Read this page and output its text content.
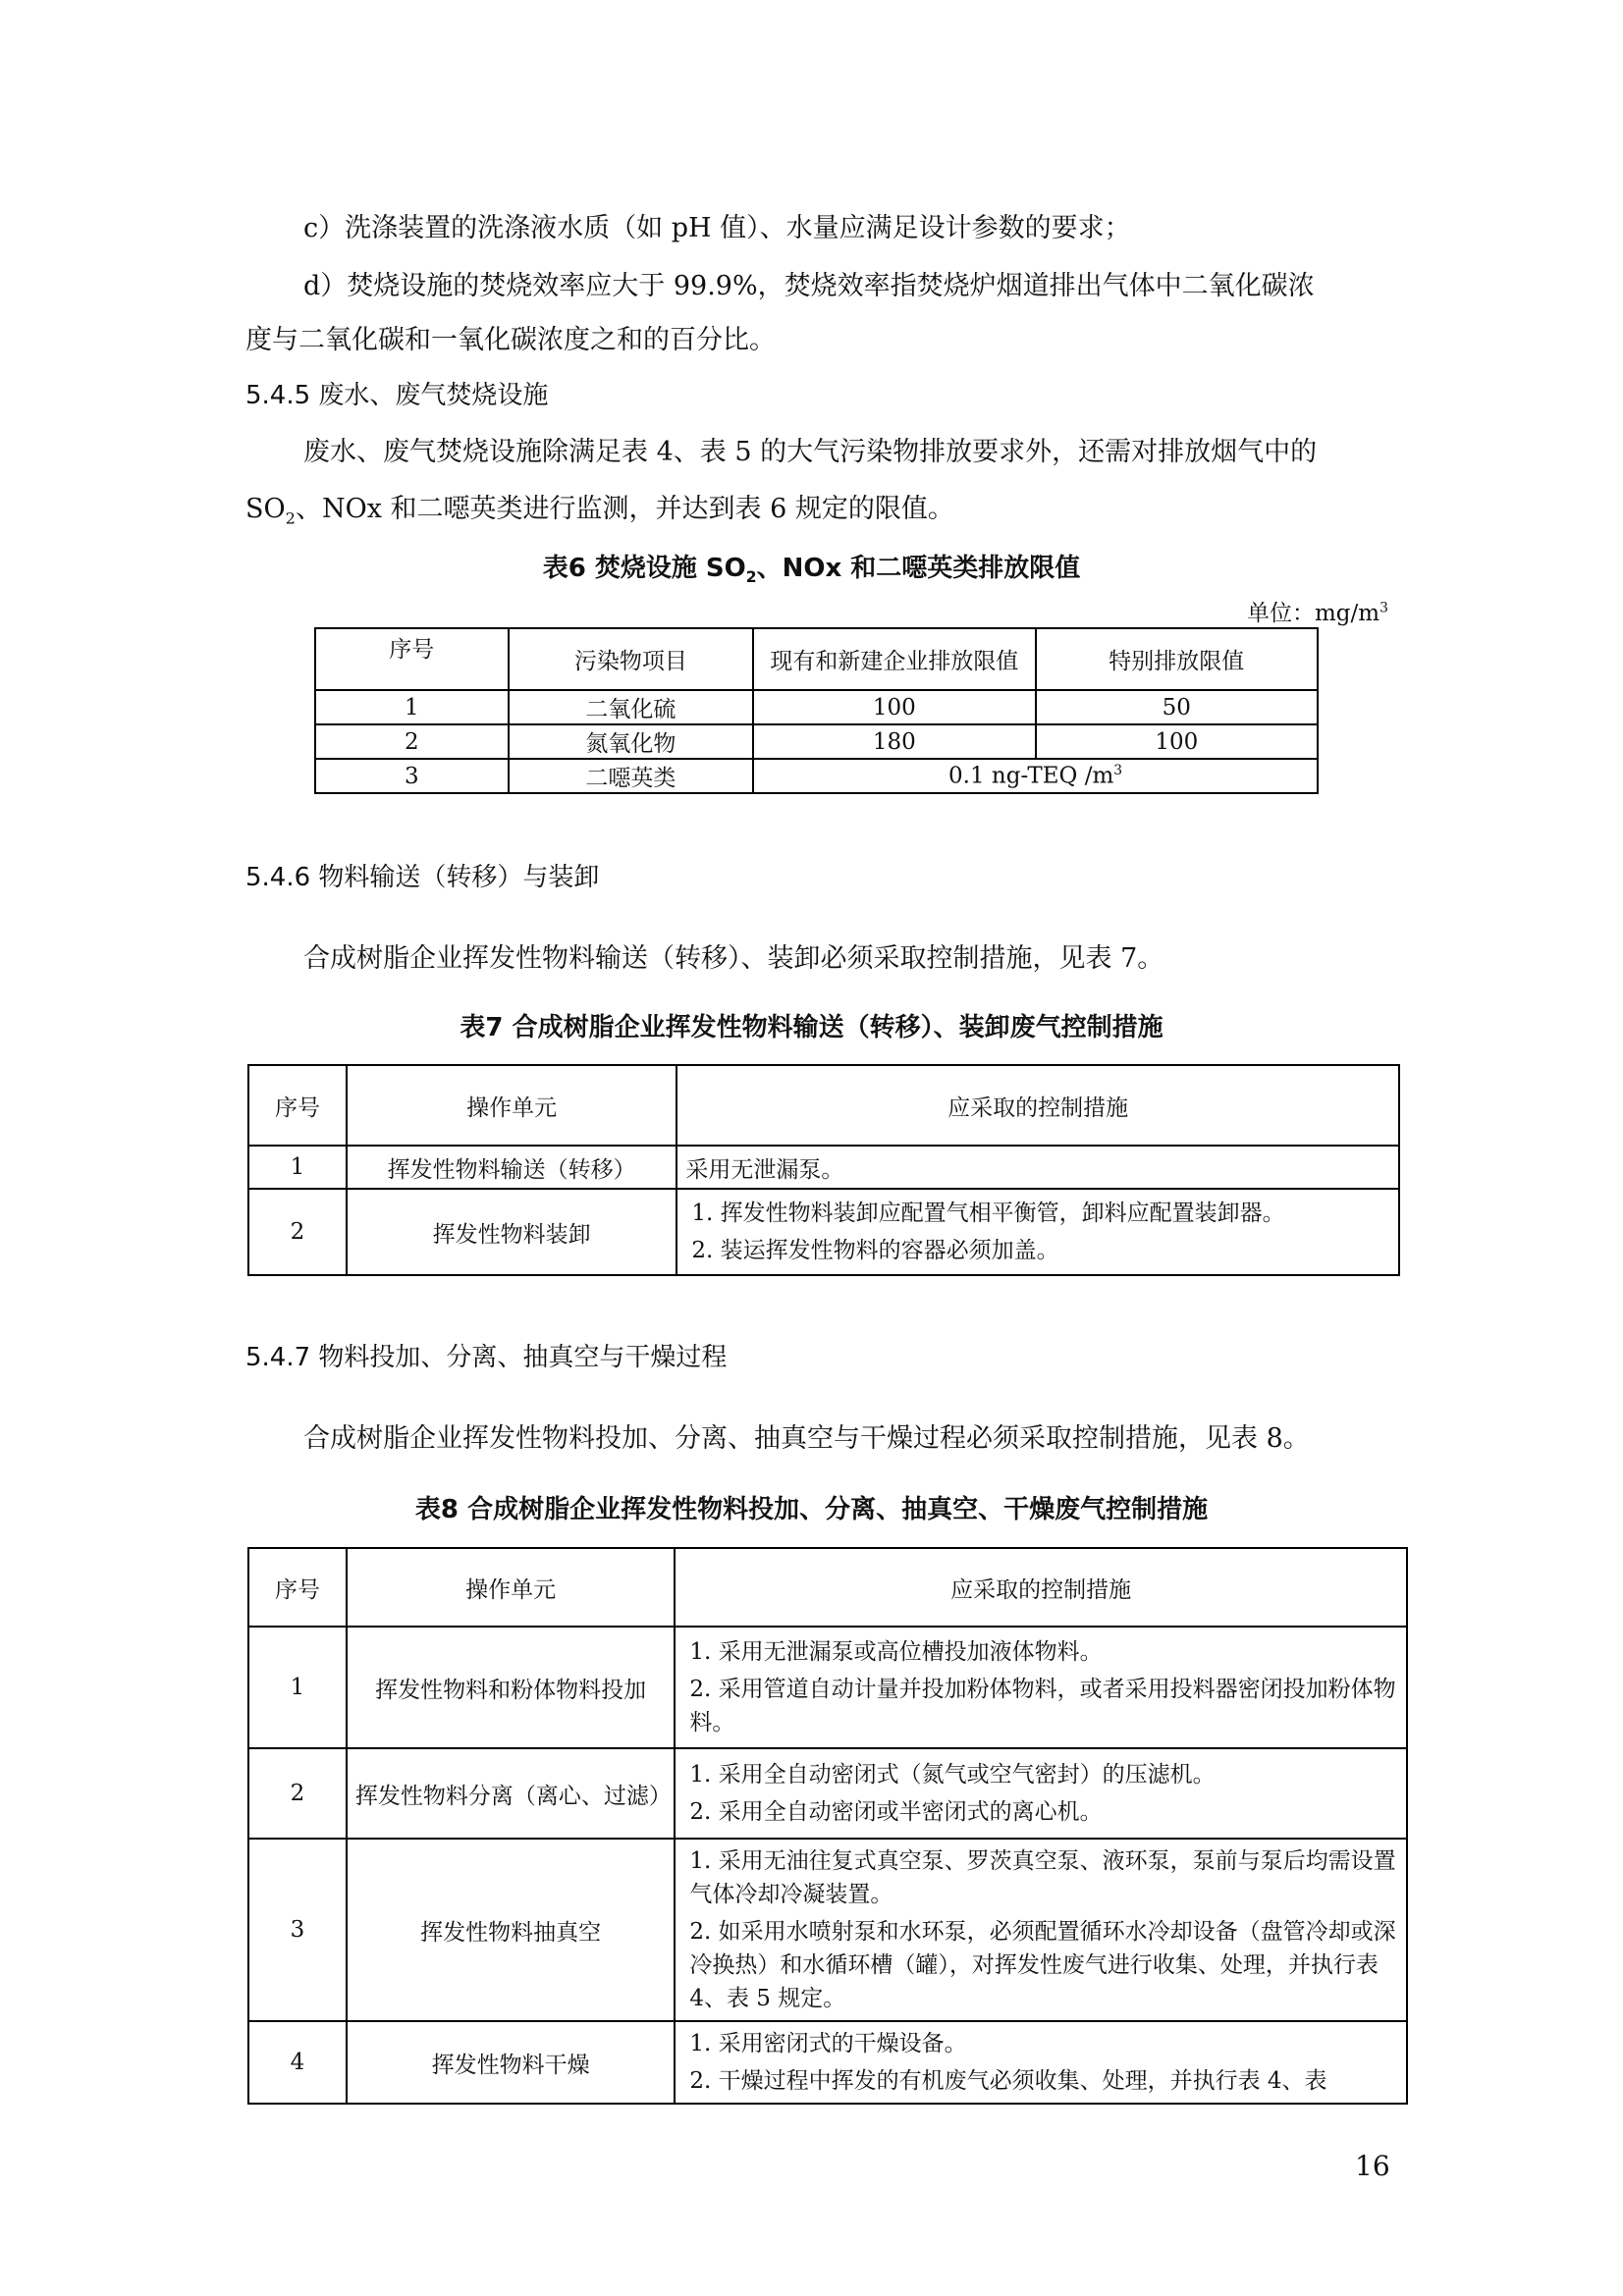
c）洗涤装置的洗涤液水质（如 pH 值）、水量应满足设计参数的要求；
d）焚烧设施的焚烧效率应大于 99.9%，焚烧效率指焚烧炉烟道排出气体中二氧化碳浓
度与二氧化碳和一氧化碳浓度之和的百分比。
5.4.5 废水、废气焚烧设施
废水、废气焚烧设施除满足表 4、表 5 的大气污染物排放要求外，还需对排放烟气中的
$SO_2$、NOx 和二噁英类进行监测，并达到表 6 规定的限值。
表6 焚烧设施 $SO_2$、NOx 和二噁英类排放限值
单位：$mg/m^3$
序号	污染物项目	现有和新建企业排放限值	特别排放限值
1	二氧化硫	100	50
2	氮氧化物	180	100
3	二噁英类	0.1 ng-TEQ $/m^3$
5.4.6 物料输送（转移）与装卸
合成树脂企业挥发性物料输送（转移）、装卸必须采取控制措施，见表 7。
表7 合成树脂企业挥发性物料输送（转移）、装卸废气控制措施
序号	操作单元	应采取的控制措施
1	挥发性物料输送（转移）	采用无泄漏泵。
2	挥发性物料装卸	1. 挥发性物料装卸应配置气相平衡管，卸料应配置装卸器。
2. 装运挥发性物料的容器必须加盖。
5.4.7 物料投加、分离、抽真空与干燥过程
合成树脂企业挥发性物料投加、分离、抽真空与干燥过程必须采取控制措施，见表 8。
表8 合成树脂企业挥发性物料投加、分离、抽真空、干燥废气控制措施
序号	操作单元	应采取的控制措施
1	挥发性物料和粉体物料投加	1. 采用无泄漏泵或高位槽投加液体物料。
2. 采用管道自动计量并投加粉体物料，或者采用投料器密闭投加粉体物料。

2	挥发性物料分离（离心、过滤）	1. 采用全自动密闭式（氮气或空气密封）的压滤机。
2. 采用全自动密闭或半密闭式的离心机。

3	挥发性物料抽真空	1. 采用无油往复式真空泵、罗茨真空泵、液环泵，泵前与泵后均需设置气体冷却冷凝装置。
2. 如采用水喷射泵和水环泵，必须配置循环水冷却设备（盘管冷却或深冷换热）和水循环槽（罐），对挥发性废气进行收集、处理，并执行表 4、表 5 规定。

4	挥发性物料干燥	1. 采用密闭式的干燥设备。
2. 干燥过程中挥发的有机废气必须收集、处理，并执行表 4、表
16
